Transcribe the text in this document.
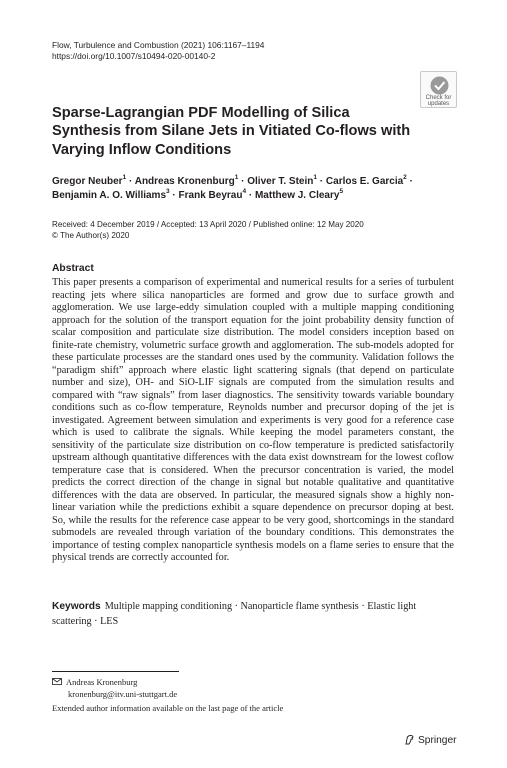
Flow, Turbulence and Combustion (2021) 106:1167–1194
https://doi.org/10.1007/s10494-020-00140-2
Check for
updates
Sparse-Lagrangian PDF Modelling of Silica Synthesis from Silane Jets in Vitiated Co-flows with Varying Inflow Conditions
Gregor Neuber$^1$ · Andreas Kronenburg$^1$ · Oliver T. Stein$^1$ · Carlos E. Garcia$^2$ ·
Benjamin A. O. Williams$^3$ · Frank Beyrau$^4$ · Matthew J. Cleary$^5$
Received: 4 December 2019 / Accepted: 13 April 2020 / Published online: 12 May 2020
© The Author(s) 2020
Abstract
This paper presents a comparison of experimental and numerical results for a series of turbulent reacting jets where silica nanoparticles are formed and grow due to surface growth and agglomeration. We use large-eddy simulation coupled with a multiple mapping conditioning approach for the solution of the transport equation for the joint probability density function of scalar composition and particulate size distribution. The model considers inception based on finite-rate chemistry, volumetric surface growth and agglomeration. The sub-models adopted for these particulate processes are the standard ones used by the community. Validation follows the “paradigm shift” approach where elastic light scattering signals (that depend on particulate number and size), OH- and SiO-LIF signals are computed from the simulation results and compared with “raw signals” from laser diagnostics. The sensitivity towards variable boundary conditions such as co-flow temperature, Reynolds number and precursor doping of the jet is investigated. Agreement between simulation and experiments is very good for a reference case which is used to calibrate the signals. While keeping the model parameters constant, the sensitivity of the particulate size distribution on co-flow temperature is predicted satisfactorily upstream although quantitative differences with the data exist downstream for the lowest coflow temperature case that is considered. When the precursor concentration is varied, the model predicts the correct direction of the change in signal but notable qualitative and quantitative differences with the data are observed. In particular, the measured signals show a highly non-linear variation while the predictions exhibit a square dependence on precursor doping at best. So, while the results for the reference case appear to be very good, shortcomings in the standard submodels are revealed through variation of the boundary conditions. This demonstrates the importance of testing complex nanoparticle synthesis models on a flame series to ensure that the physical trends are correctly accounted for.
Keywords Multiple mapping conditioning · Nanoparticle flame synthesis · Elastic light scattering · LES
Andreas Kronenburg
kronenburg@itv.uni-stuttgart.de
Extended author information available on the last page of the article
Springer
